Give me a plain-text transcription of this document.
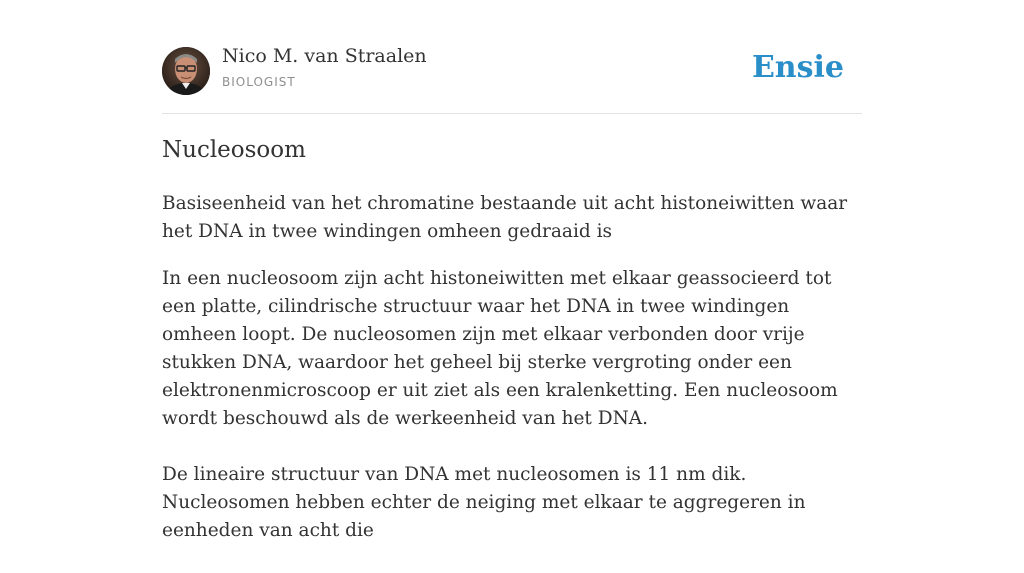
Nico M. van Straalen
BIOLOGIST	Ensie
Nucleosoom
Basiseenheid van het chromatine bestaande uit acht histoneiwitten waar het DNA in twee windingen omheen gedraaid is

In een nucleosoom zijn acht histoneiwitten met elkaar geassocieerd tot een platte, cilindrische structuur waar het DNA in twee windingen omheen loopt. De nucleosomen zijn met elkaar verbonden door vrije stukken DNA, waardoor het geheel bij sterke vergroting onder een elektronenmicroscoop er uit ziet als een kralenketting. Een nucleosoom wordt beschouwd als de werkeenheid van het DNA.

De lineaire structuur van DNA met nucleosomen is 11 nm dik. Nucleosomen hebben echter de neiging met elkaar te aggregeren in eenheden van acht die
